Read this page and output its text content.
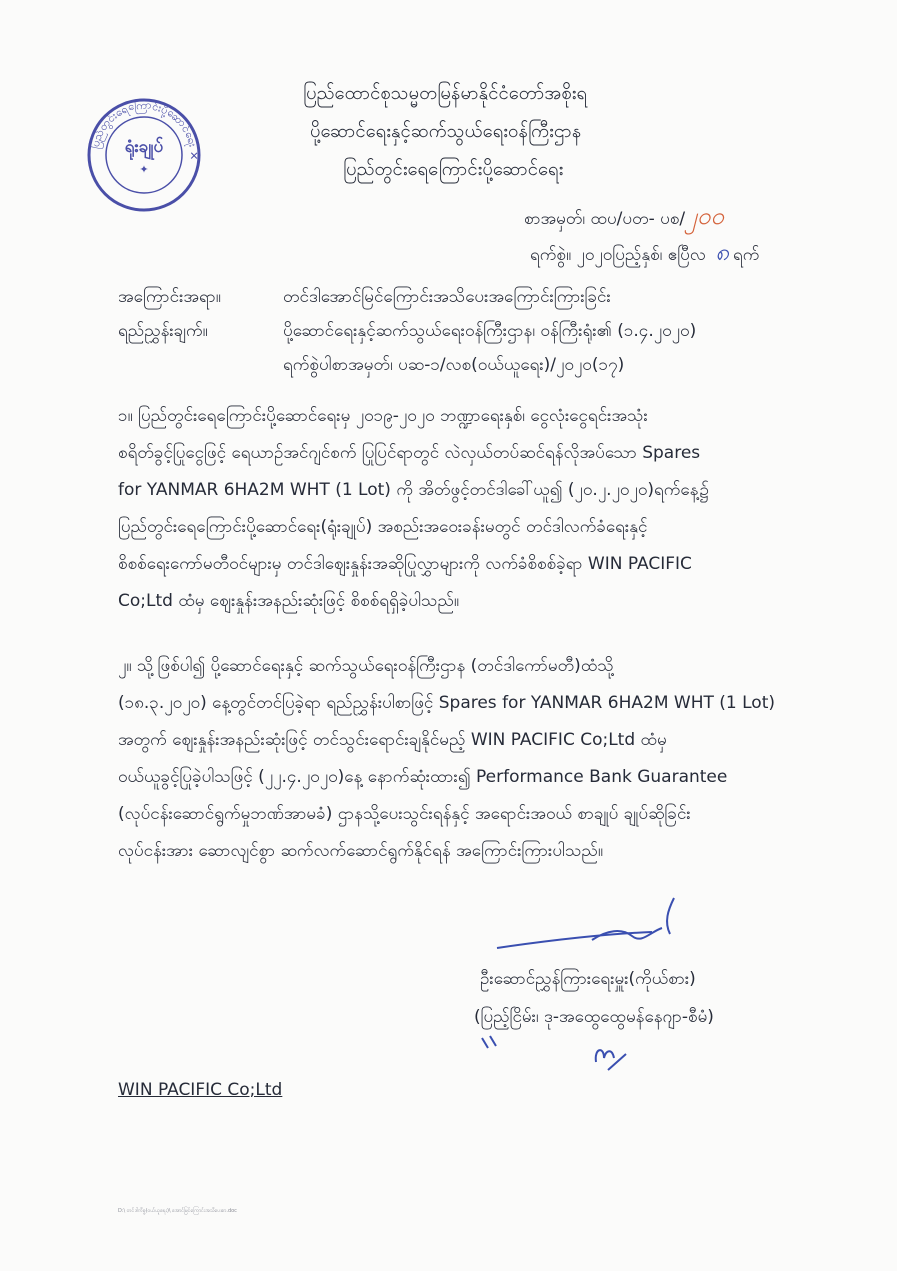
ပြည်တွင်းရေကြောင်းပို့ဆောင်ရေး ✕
ရုံးချုပ်
✦
ပြည်ထောင်စုသမ္မတမြန်မာနိုင်ငံတော်အစိုးရ
ပို့ဆောင်ရေးနှင့်ဆက်သွယ်ရေးဝန်ကြီးဌာန
ပြည်တွင်းရေကြောင်းပို့ဆောင်ရေး
စာအမှတ်၊ ထပ/ပတ- ပစ/၂၀၀
ရက်စွဲ။ ၂၀၂၀ပြည့်နှစ်၊ ဧပြီလ ၈ ရက်
အကြောင်းအရာ။	တင်ဒါအောင်မြင်ကြောင်းအသိပေးအကြောင်းကြားခြင်း
ရည်ညွှန်းချက်။	ပို့ဆောင်ရေးနှင့်ဆက်သွယ်ရေးဝန်ကြီးဌာန၊ ဝန်ကြီးရုံး၏ (၁.၄.၂၀၂၀)
ရက်စွဲပါစာအမှတ်၊ ပဆ-၁/လစ(ဝယ်ယူရေး)/၂၀၂၀(၁၇)
၁။ ပြည်တွင်းရေကြောင်းပို့ဆောင်ရေးမှ ၂၀၁၉-၂၀၂၀ ဘဏ္ဍာရေးနှစ်၊ ငွေလုံးငွေရင်းအသုံး
စရိတ်ခွင့်ပြုငွေဖြင့် ရေယာဉ်အင်ဂျင်စက် ပြုပြင်ရာတွင် လဲလှယ်တပ်ဆင်ရန်လိုအပ်သော Spares
for YANMAR 6HA2M WHT (1 Lot) ကို အိတ်ဖွင့်တင်ဒါခေါ်ယူ၍ (၂၀.၂.၂၀၂၀)ရက်နေ့၌
ပြည်တွင်းရေကြောင်းပို့ဆောင်ရေး(ရုံးချုပ်) အစည်းအဝေးခန်းမတွင် တင်ဒါလက်ခံရေးနှင့်
စိစစ်ရေးကော်မတီဝင်များမှ တင်ဒါဈေးနှုန်းအဆိုပြုလွှာများကို လက်ခံစိစစ်ခဲ့ရာ WIN PACIFIC
Co;Ltd ထံမှ ဈေးနှုန်းအနည်းဆုံးဖြင့် စိစစ်ရရှိခဲ့ပါသည်။
၂။ သို့ဖြစ်ပါ၍ ပို့ဆောင်ရေးနှင့် ဆက်သွယ်ရေးဝန်ကြီးဌာန (တင်ဒါကော်မတီ)ထံသို့
(၁၈.၃.၂၀၂၀) နေ့တွင်တင်ပြခဲ့ရာ ရည်ညွှန်းပါစာဖြင့် Spares for YANMAR 6HA2M WHT (1 Lot)
အတွက် ဈေးနှုန်းအနည်းဆုံးဖြင့် တင်သွင်းရောင်းချနိုင်မည့် WIN PACIFIC Co;Ltd ထံမှ
ဝယ်ယူခွင့်ပြုခဲ့ပါသဖြင့် (၂၂.၄.၂၀၂၀)နေ့ နောက်ဆုံးထား၍ Performance Bank Guarantee
(လုပ်ငန်းဆောင်ရွက်မှုဘဏ်အာမခံ) ဌာနသို့ပေးသွင်းရန်နှင့် အရောင်းအဝယ် စာချုပ် ချုပ်ဆိုခြင်း
လုပ်ငန်းအား ဆောလျင်စွာ ဆက်လက်ဆောင်ရွက်နိုင်ရန် အကြောင်းကြားပါသည်။
ဦးဆောင်ညွှန်ကြားရေးမှူး(ကိုယ်စား)
(ပြည့်ငြိမ်း၊ ဒု-အထွေထွေမန်နေဂျာ-စီမံ)
WIN PACIFIC Co;Ltd
D:\ တင်ဒါကိစ္စ(ဝယ်ယူရေး)\ အောင်မြင်ကြောင်းအသိပေးစာ.doc
